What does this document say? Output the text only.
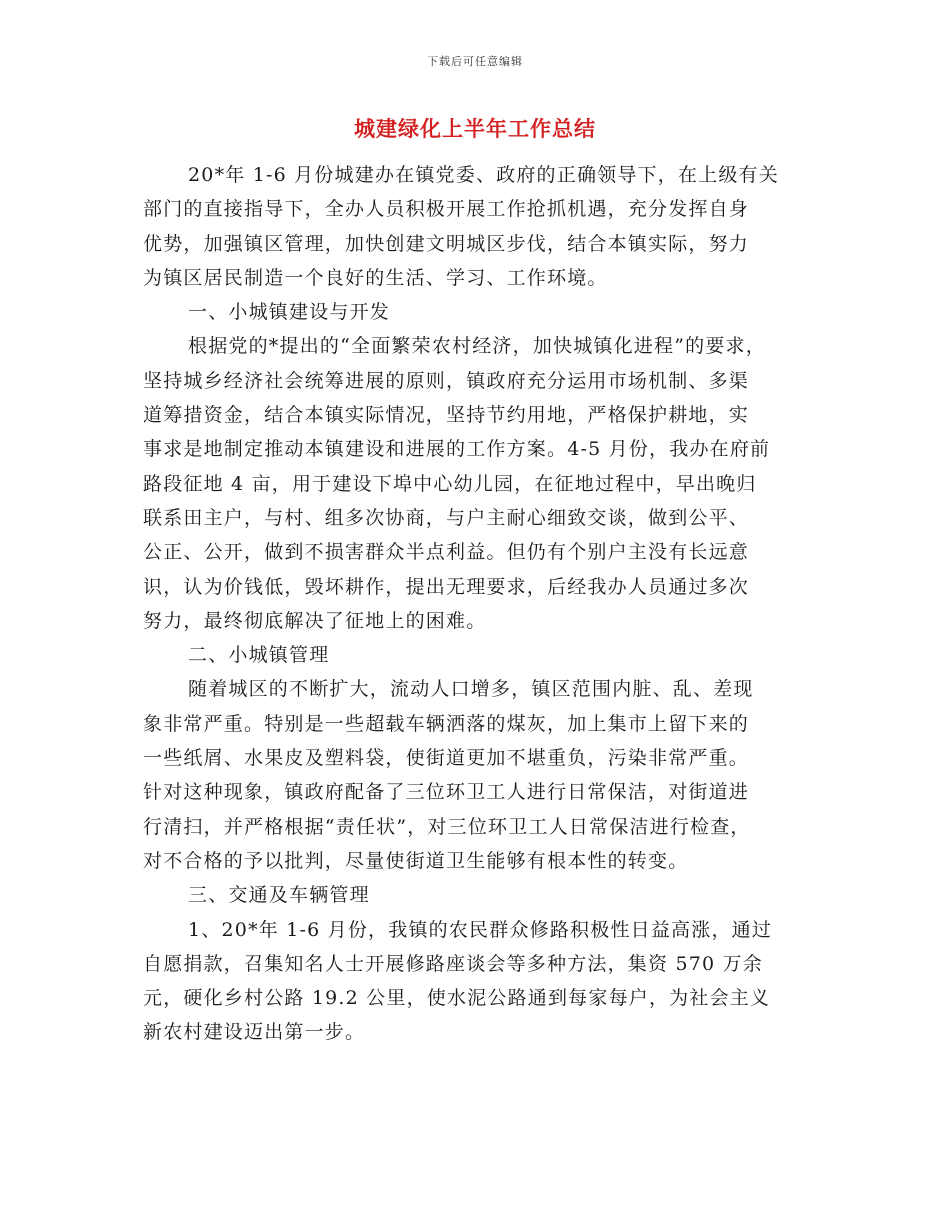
下载后可任意编辑
城建绿化上半年工作总结
20*年 1-6 月份城建办在镇党委、政府的正确领导下，在上级有关
部门的直接指导下，全办人员积极开展工作抢抓机遇，充分发挥自身
优势，加强镇区管理，加快创建文明城区步伐，结合本镇实际，努力
为镇区居民制造一个良好的生活、学习、工作环境。
一、小城镇建设与开发
根据党的*提出的“全面繁荣农村经济，加快城镇化进程”的要求，
坚持城乡经济社会统筹进展的原则，镇政府充分运用市场机制、多渠
道筹措资金，结合本镇实际情况，坚持节约用地，严格保护耕地，实
事求是地制定推动本镇建设和进展的工作方案。4-5 月份，我办在府前
路段征地 4 亩，用于建设下埠中心幼儿园，在征地过程中，早出晚归
联系田主户，与村、组多次协商，与户主耐心细致交谈，做到公平、
公正、公开，做到不损害群众半点利益。但仍有个别户主没有长远意
识，认为价钱低，毁坏耕作，提出无理要求，后经我办人员通过多次
努力，最终彻底解决了征地上的困难。
二、小城镇管理
随着城区的不断扩大，流动人口增多，镇区范围内脏、乱、差现
象非常严重。特别是一些超载车辆洒落的煤灰，加上集市上留下来的
一些纸屑、水果皮及塑料袋，使街道更加不堪重负，污染非常严重。
针对这种现象，镇政府配备了三位环卫工人进行日常保洁，对街道进
行清扫，并严格根据“责任状”，对三位环卫工人日常保洁进行检查，
对不合格的予以批判，尽量使街道卫生能够有根本性的转变。
三、交通及车辆管理
1、20*年 1-6 月份，我镇的农民群众修路积极性日益高涨，通过
自愿捐款，召集知名人士开展修路座谈会等多种方法，集资 570 万余
元，硬化乡村公路 19.2 公里，使水泥公路通到每家每户，为社会主义
新农村建设迈出第一步。
